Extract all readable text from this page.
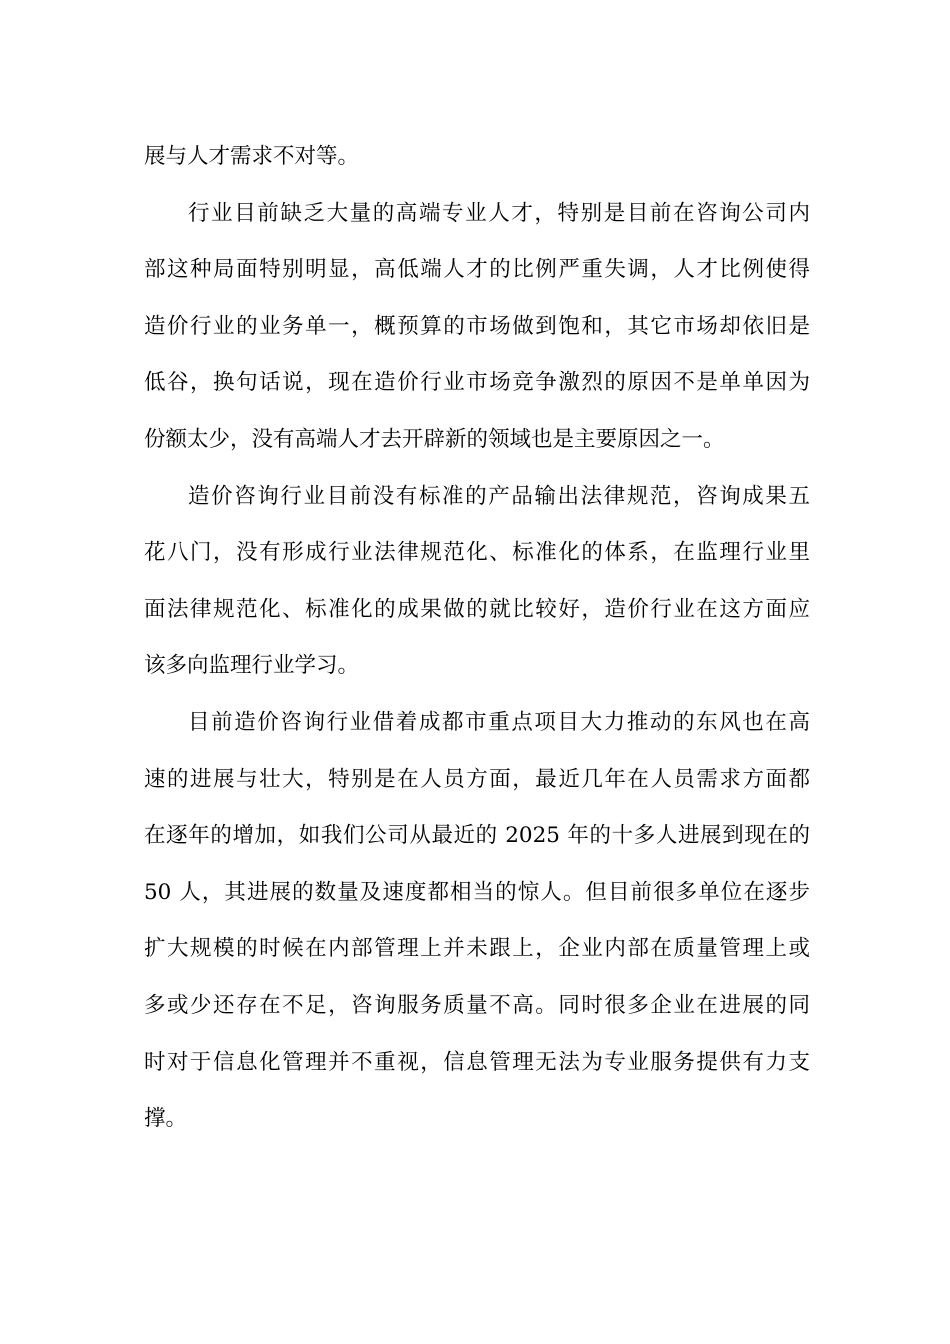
展与人才需求不对等。

行业目前缺乏大量的高端专业人才，特别是目前在咨询公司内
部这种局面特别明显，高低端人才的比例严重失调，人才比例使得
造价行业的业务单一，概预算的市场做到饱和，其它市场却依旧是
低谷，换句话说，现在造价行业市场竞争激烈的原因不是单单因为
份额太少，没有高端人才去开辟新的领域也是主要原因之一。

造价咨询行业目前没有标准的产品输出法律规范，咨询成果五
花八门，没有形成行业法律规范化、标准化的体系，在监理行业里
面法律规范化、标准化的成果做的就比较好，造价行业在这方面应
该多向监理行业学习。

目前造价咨询行业借着成都市重点项目大力推动的东风也在高
速的进展与壮大，特别是在人员方面，最近几年在人员需求方面都
在逐年的增加，如我们公司从最近的 2025 年的十多人进展到现在的
50 人，其进展的数量及速度都相当的惊人。但目前很多单位在逐步
扩大规模的时候在内部管理上并未跟上，企业内部在质量管理上或
多或少还存在不足，咨询服务质量不高。同时很多企业在进展的同
时对于信息化管理并不重视，信息管理无法为专业服务提供有力支
撑。
